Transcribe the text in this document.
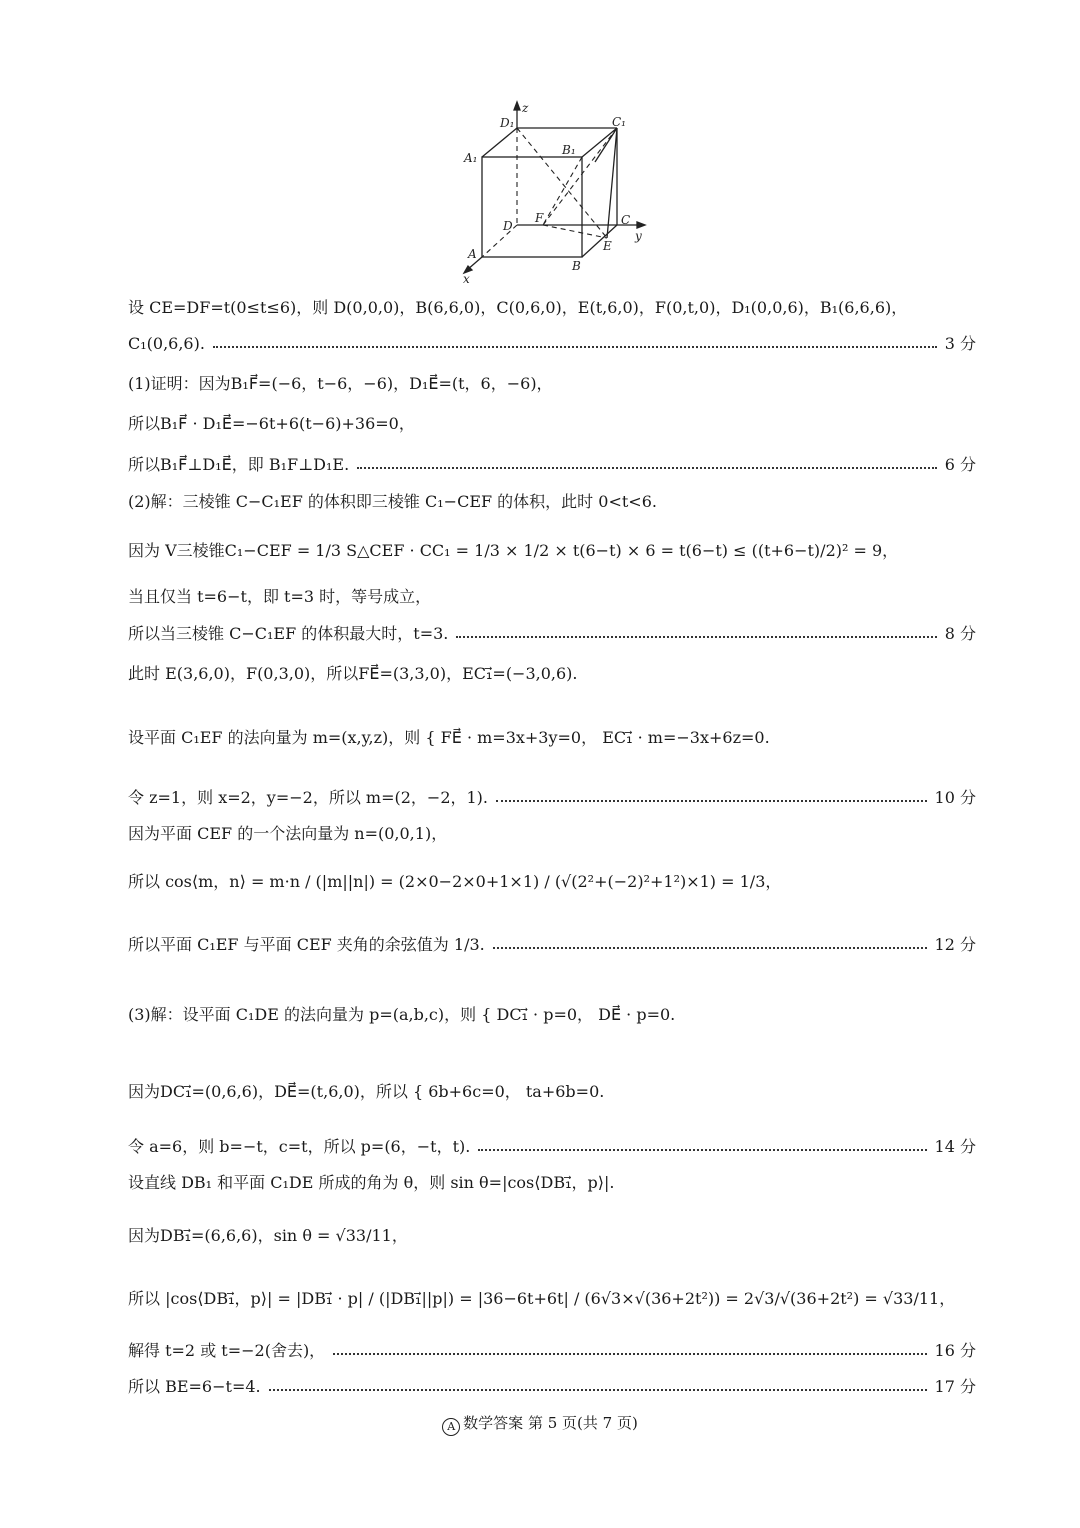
z
y
x
D₁	C₁
A₁
B₁
D
F	C
A
E
B
设 CE=DF=t(0≤t≤6)，则 D(0,0,0)，B(6,6,0)，C(0,6,0)，E(t,6,0)，F(0,t,0)，D₁(0,0,6)，B₁(6,6,6)，
C₁(0,6,6).	3 分
(1)证明：因为B₁F⃗=(−6，t−6，−6)，D₁E⃗=(t，6，−6)，
所以B₁F⃗ · D₁E⃗=−6t+6(t−6)+36=0，
所以B₁F⃗⊥D₁E⃗，即 B₁F⊥D₁E.	6 分
(2)解：三棱锥 C−C₁EF 的体积即三棱锥 C₁−CEF 的体积，此时 0<t<6.
因为 V三棱锥C₁−CEF = 1/3 S△CEF · CC₁ = 1/3 × 1/2 × t(6−t) × 6 = t(6−t) ≤ ((t+6−t)/2)² = 9，
当且仅当 t=6−t，即 t=3 时，等号成立，
所以当三棱锥 C−C₁EF 的体积最大时，t=3.	8 分
此时 E(3,6,0)，F(0,3,0)，所以FE⃗=(3,3,0)，EC₁⃗=(−3,0,6).
设平面 C₁EF 的法向量为 m=(x,y,z)，则 { FE⃗ · m=3x+3y=0， EC₁⃗ · m=−3x+6z=0.
令 z=1，则 x=2，y=−2，所以 m=(2，−2，1).	10 分
因为平面 CEF 的一个法向量为 n=(0,0,1)，
所以 cos⟨m，n⟩ = m·n / (|m||n|) = (2×0−2×0+1×1) / (√(2²+(−2)²+1²)×1) = 1/3，
所以平面 C₁EF 与平面 CEF 夹角的余弦值为 1/3.	12 分
(3)解：设平面 C₁DE 的法向量为 p=(a,b,c)，则 { DC₁⃗ · p=0， DE⃗ · p=0.
因为DC₁⃗=(0,6,6)，DE⃗=(t,6,0)，所以 { 6b+6c=0， ta+6b=0.
令 a=6，则 b=−t，c=t，所以 p=(6，−t，t).	14 分
设直线 DB₁ 和平面 C₁DE 所成的角为 θ，则 sin θ=|cos⟨DB₁⃗，p⟩|.
因为DB₁⃗=(6,6,6)，sin θ = √33/11，
所以 |cos⟨DB₁⃗，p⟩| = |DB₁⃗ · p| / (|DB₁⃗||p|) = |36−6t+6t| / (6√3×√(36+2t²)) = 2√3/√(36+2t²) = √33/11，
解得 t=2 或 t=−2(舍去)，	16 分
所以 BE=6−t=4.	17 分
A 数学答案 第 5 页(共 7 页)
